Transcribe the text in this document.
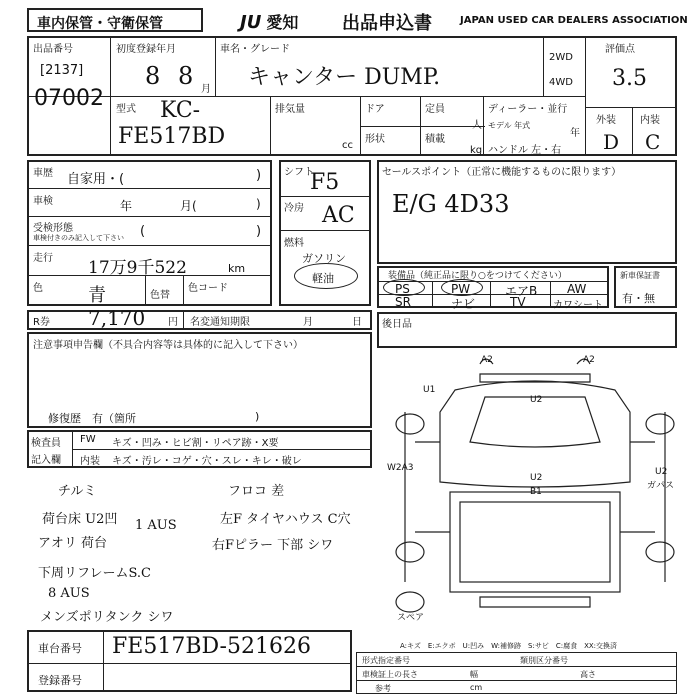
車内保管・守衛保管	JU 愛知 出品申込書	JAPAN USED CAR DEALERS ASSOCIATION
出品番号
[2137]
07002
初度登録年月
8 8 月
車名・グレード
キャンター DUMP.
2WD
4WD
評価点
3.5
外装 内装
D C
型式 KC-
FE517BD
排気量
cc
ドア
形状
定員
人
積載
kg
ディーラー・並行
モデル 年式
年
ハンドル 左・右
車歴 自家用・(	)
車検	年	月(	)
受検形態
車検付きのみ記入して下さい (	)
走行 17万9千522	km
色	青	色替
色コード
シフト
F5
冷房 AC
燃料
ガソリン
軽油
セールスポイント（正常に機能するものに限ります）
E/G 4D33
装備品（純正品に限り○をつけてください）
PS	PW	エアB AW
SR	ナビ	TV	カワシート
新車保証書
有・無
R券 7,170 円 名変通知期限	月	日
注意事項申告欄（不具合内容等は具体的に記入して下さい）
修復歴　有（箇所	)
後日品
検査員
記入欄
FW キズ・凹み・ヒビ割・リペア跡・X要
内装 キズ・汚レ・コゲ・穴・スレ・キレ・破レ
チルミ	フロコ 差
荷台床 U2凹 1 AUS
アオリ 荷台
左F タイヤハウス C穴
下周リフレームS.C
右Fピラー 下部 シワ
8 AUS
メンズポリタンク シワ
A2	A2
U1
U2
W2A3
U2
B1
U2
ガパス
スペア
A:キズ　E:エクボ　U:凹み　W:補修跡　S:サビ　C:腐食　XX:交換済
車台番号 FE517BD-521626
登録番号
形式指定番号	類別区分番号
車検証上の長さ	幅	高さ
参考	cm
